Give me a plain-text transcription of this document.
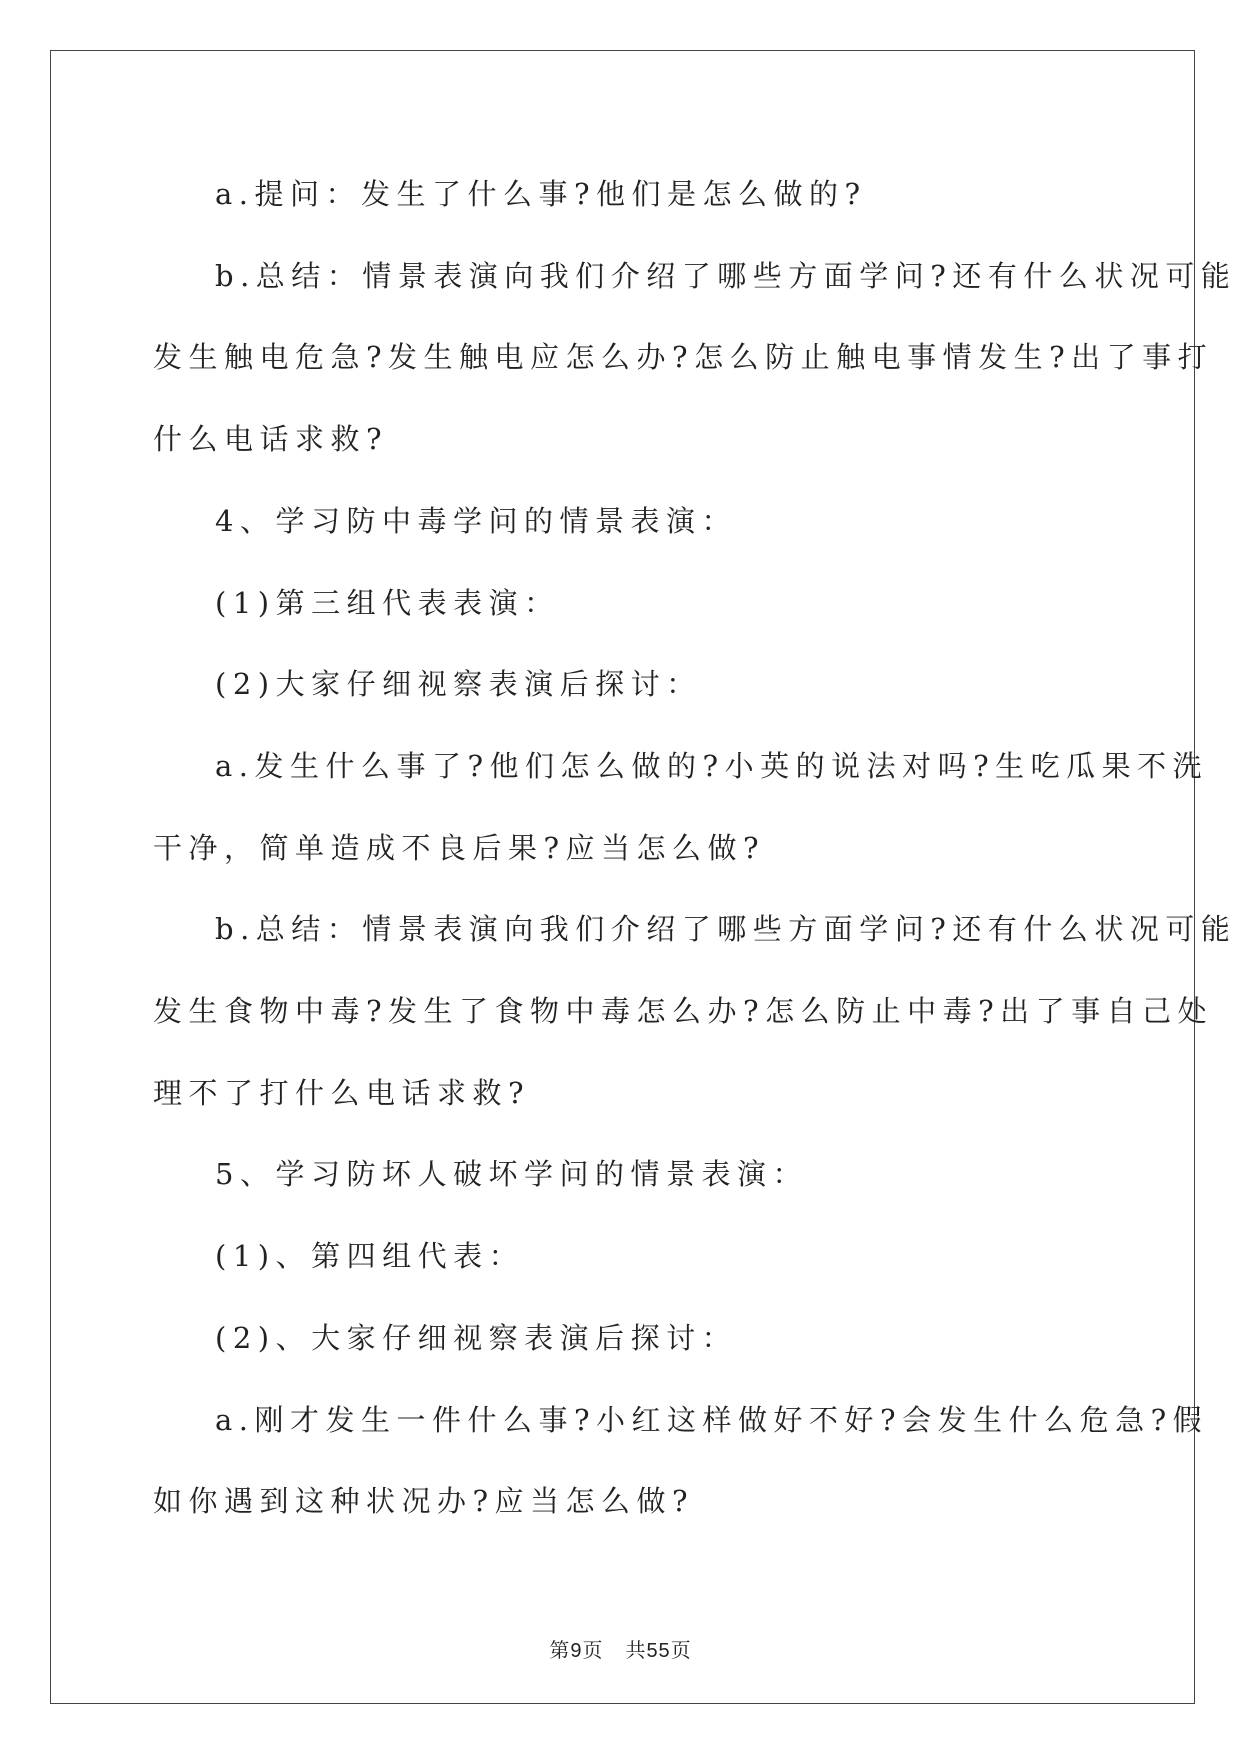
a.提问：发生了什么事?他们是怎么做的?

b.总结：情景表演向我们介绍了哪些方面学问?还有什么状况可能

发生触电危急?发生触电应怎么办?怎么防止触电事情发生?出了事打

什么电话求救?

4、学习防中毒学问的情景表演：

(1)第三组代表表演：

(2)大家仔细视察表演后探讨：

a.发生什么事了?他们怎么做的?小英的说法对吗?生吃瓜果不洗

干净，简单造成不良后果?应当怎么做?

b.总结：情景表演向我们介绍了哪些方面学问?还有什么状况可能

发生食物中毒?发生了食物中毒怎么办?怎么防止中毒?出了事自己处

理不了打什么电话求救?

5、学习防坏人破坏学问的情景表演：

(1)、第四组代表：

(2)、大家仔细视察表演后探讨：

a.刚才发生一件什么事?小红这样做好不好?会发生什么危急?假

如你遇到这种状况办?应当怎么做?

第9页 共55页
